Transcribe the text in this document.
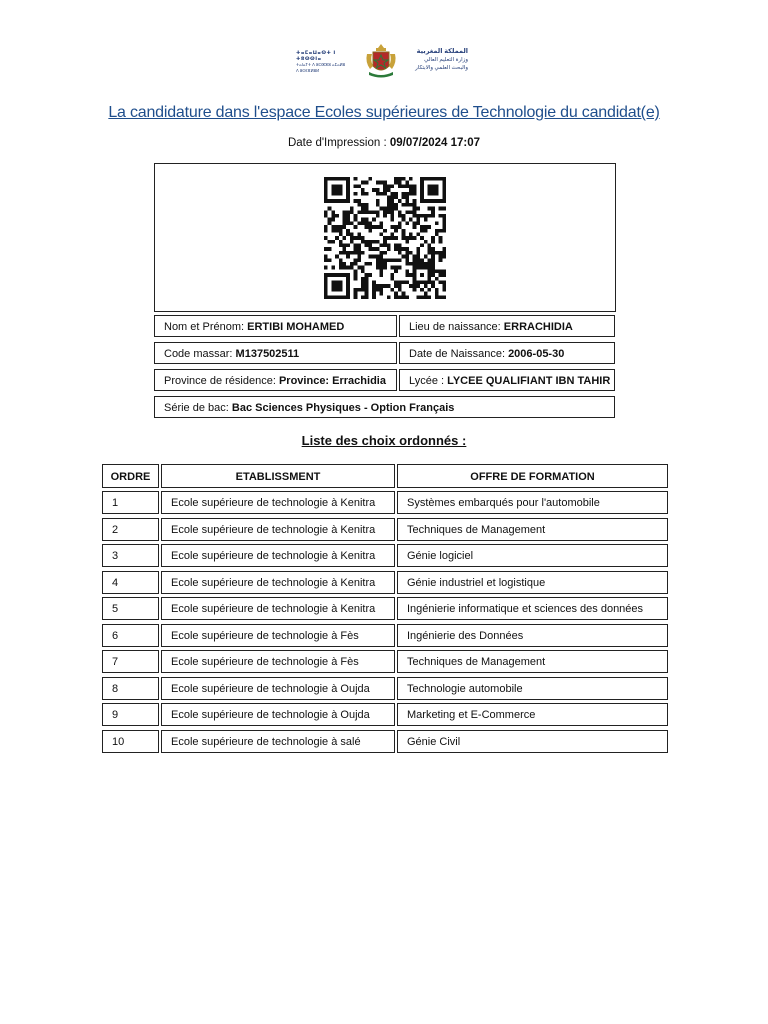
ⵜⴰⵎⴰⵡⴰⵙⵜ ⵏ ⵜⵓⵙⵙⵏⴰ
ⵜⴰⵏⴰⵢⵜ ⴷ ⵓⵔⵣⵣⵓ ⴰⵎⴰⵍⵓ
ⴷ ⵓⵙⵏⴼⵍⵓⵍ
المملكة المغربية
وزارة التعليم العالي
والبحث العلمي والابتكار
La candidature dans l'espace Ecoles supérieures de Technologie du candidat(e)
Date d'Impression : 09/07/2024 17:07
Nom et Prénom: ERTIBI MOHAMED	Lieu de naissance: ERRACHIDIA
Code massar: M137502511	Date de Naissance: 2006-05-30
Province de résidence: Province: Errachidia	Lycée : LYCEE QUALIFIANT IBN TAHIR
Série de bac: Bac Sciences Physiques - Option Français
Liste des choix ordonnés :
ORDRE	ETABLISSMENT	OFFRE DE FORMATION
1	Ecole supérieure de technologie à Kenitra	Systèmes embarqués pour l'automobile
2	Ecole supérieure de technologie à Kenitra	Techniques de Management
3	Ecole supérieure de technologie à Kenitra	Génie logiciel
4	Ecole supérieure de technologie à Kenitra	Génie industriel et logistique
5	Ecole supérieure de technologie à Kenitra	Ingénierie informatique et sciences des données
6	Ecole supérieure de technologie à Fès	Ingénierie des Données
7	Ecole supérieure de technologie à Fès	Techniques de Management
8	Ecole supérieure de technologie à Oujda	Technologie automobile
9	Ecole supérieure de technologie à Oujda	Marketing et E-Commerce
10	Ecole supérieure de technologie à salé	Génie Civil
